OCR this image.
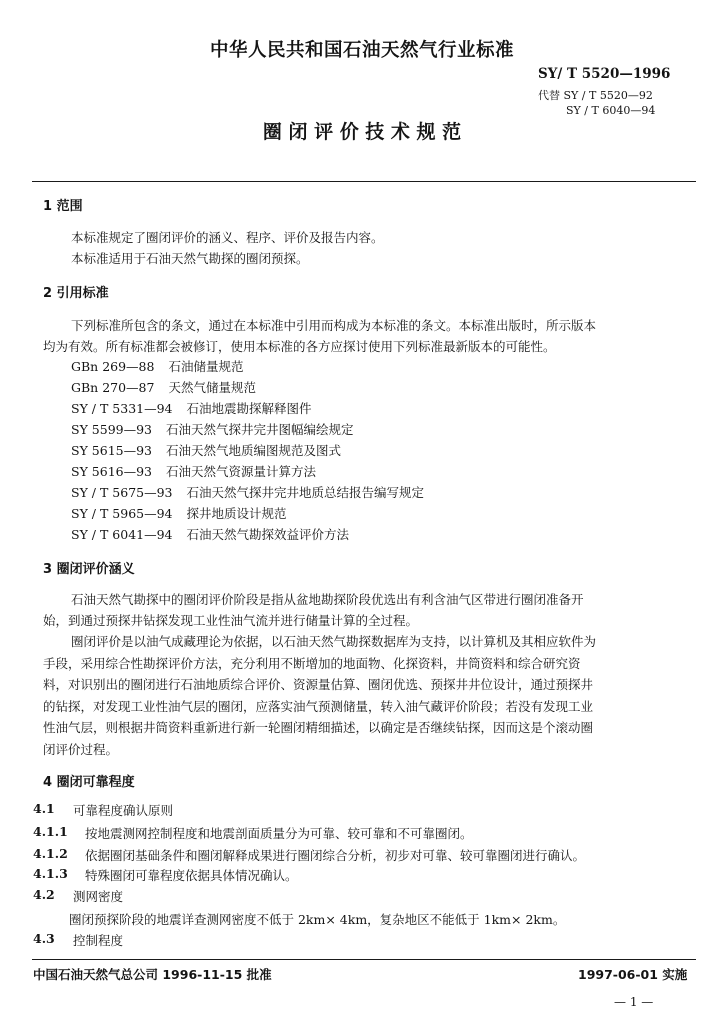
中华人民共和国石油天然气行业标准
SY/ T 5520—1996
代替 SY / T 5520—92
SY / T 6040—94
圈 闭 评 价 技 术 规 范
1 范围
本标准规定了圈闭评价的涵义、程序、评价及报告内容。
本标准适用于石油天然气勘探的圈闭预探。
2 引用标准
下列标准所包含的条文，通过在本标准中引用而构成为本标准的条文。本标准出版时，所示版本
均为有效。所有标准都会被修订，使用本标准的各方应探讨使用下列标准最新版本的可能性。
GBn 269—88 石油储量规范
GBn 270—87 天然气储量规范
SY / T 5331—94 石油地震勘探解释图件
SY 5599—93 石油天然气探井完井图幅编绘规定
SY 5615—93 石油天然气地质编图规范及图式
SY 5616—93 石油天然气资源量计算方法
SY / T 5675—93 石油天然气探井完井地质总结报告编写规定
SY / T 5965—94 探井地质设计规范
SY / T 6041—94 石油天然气勘探效益评价方法
3 圈闭评价涵义
石油天然气勘探中的圈闭评价阶段是指从盆地勘探阶段优选出有利含油气区带进行圈闭准备开
始，到通过预探井钻探发现工业性油气流并进行储量计算的全过程。
圈闭评价是以油气成藏理论为依据，以石油天然气勘探数据库为支持，以计算机及其相应软件为
手段，采用综合性勘探评价方法，充分利用不断增加的地面物、化探资料，井筒资料和综合研究资
料，对识别出的圈闭进行石油地质综合评价、资源量估算、圈闭优选、预探井井位设计，通过预探井
的钻探，对发现工业性油气层的圈闭，应落实油气预测储量，转入油气藏评价阶段；若没有发现工业
性油气层，则根据井筒资料重新进行新一轮圈闭精细描述，以确定是否继续钻探，因而这是个滚动圈
闭评价过程。
4 圈闭可靠程度
4.1 可靠程度确认原则
4.1.1 按地震测网控制程度和地震剖面质量分为可靠、较可靠和不可靠圈闭。
4.1.2 依据圈闭基础条件和圈闭解释成果进行圈闭综合分析，初步对可靠、较可靠圈闭进行确认。
4.1.3 特殊圈闭可靠程度依据具体情况确认。
4.2 测网密度
圈闭预探阶段的地震详查测网密度不低于 2km× 4km，复杂地区不能低于 1km× 2km。
4.3 控制程度
中国石油天然气总公司 1996-11-15 批准	1997-06-01 实施
— 1 —
